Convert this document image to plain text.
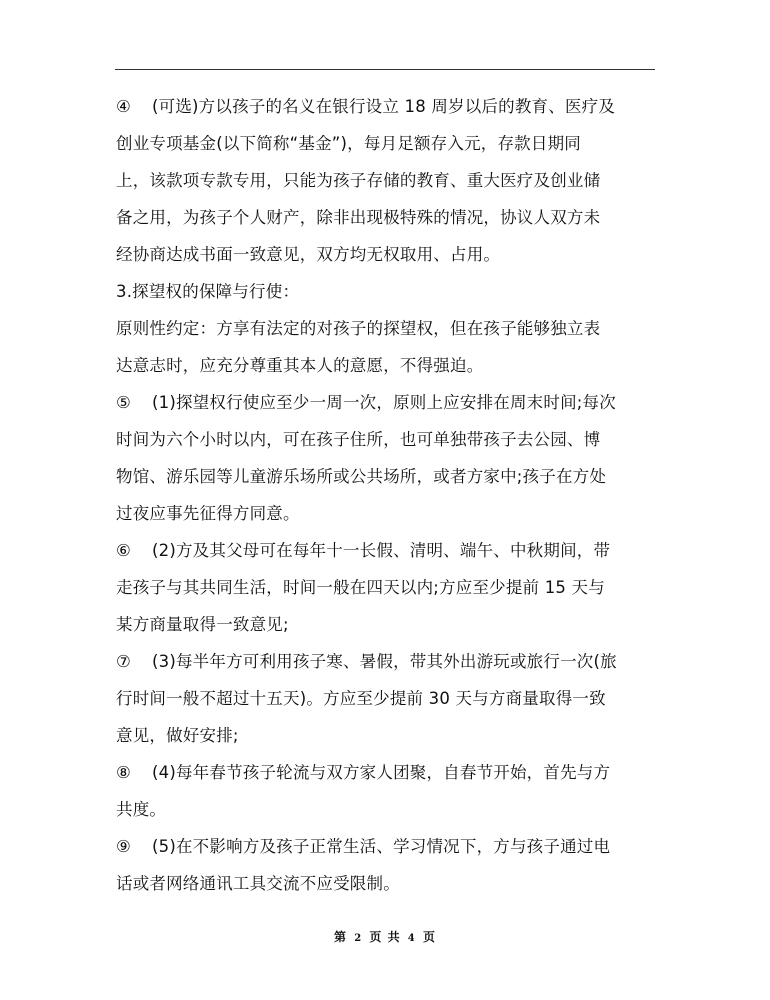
④ (可选)方以孩子的名义在银行设立 18 周岁以后的教育、医疗及
创业专项基金(以下简称“基金”)，每月足额存入元，存款日期同
上，该款项专款专用，只能为孩子存储的教育、重大医疗及创业储
备之用，为孩子个人财产，除非出现极特殊的情况，协议人双方未
经协商达成书面一致意见，双方均无权取用、占用。
3.探望权的保障与行使：
原则性约定：方享有法定的对孩子的探望权，但在孩子能够独立表
达意志时，应充分尊重其本人的意愿，不得强迫。
⑤ (1)探望权行使应至少一周一次，原则上应安排在周末时间;每次
时间为六个小时以内，可在孩子住所，也可单独带孩子去公园、博
物馆、游乐园等儿童游乐场所或公共场所，或者方家中;孩子在方处
过夜应事先征得方同意。
⑥ (2)方及其父母可在每年十一长假、清明、端午、中秋期间，带
走孩子与其共同生活，时间一般在四天以内;方应至少提前 15 天与
某方商量取得一致意见;
⑦ (3)每半年方可利用孩子寒、暑假，带其外出游玩或旅行一次(旅
行时间一般不超过十五天)。方应至少提前 30 天与方商量取得一致
意见，做好安排;
⑧ (4)每年春节孩子轮流与双方家人团聚，自春节开始，首先与方
共度。
⑨ (5)在不影响方及孩子正常生活、学习情况下，方与孩子通过电
话或者网络通讯工具交流不应受限制。
第 2 页 共 4 页
